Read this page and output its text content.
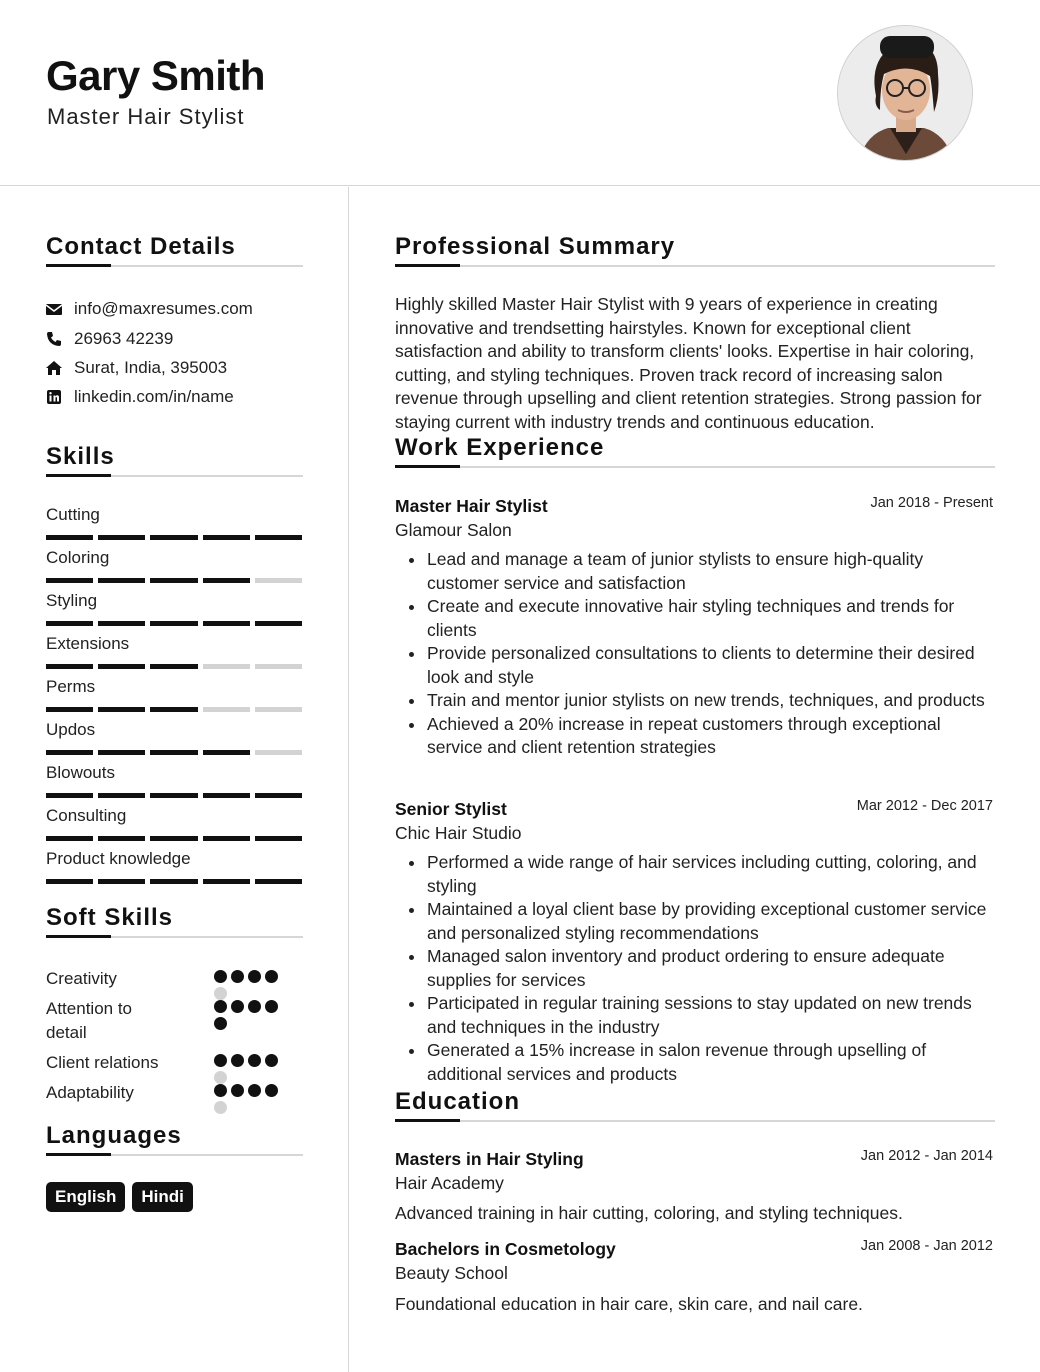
Gary Smith
Master Hair Stylist
Contact Details
info@maxresumes.com
26963 42239
Surat, India, 395003
linkedin.com/in/name
Skills
Cutting
Coloring
Styling
Extensions
Perms
Updos
Blowouts
Consulting
Product knowledge
Soft Skills
Creativity
Attention to detail
Client relations
Adaptability
Languages
English	Hindi
Professional Summary
Highly skilled Master Hair Stylist with 9 years of experience in creating innovative and trendsetting hairstyles. Known for exceptional client satisfaction and ability to transform clients' looks. Expertise in hair coloring, cutting, and styling techniques. Proven track record of increasing salon revenue through upselling and client retention strategies. Strong passion for staying current with industry trends and continuous education.
Work Experience
Master Hair Stylist	Jan 2018 - Present
Glamour Salon
Lead and manage a team of junior stylists to ensure high-quality customer service and satisfaction
Create and execute innovative hair styling techniques and trends for clients
Provide personalized consultations to clients to determine their desired look and style
Train and mentor junior stylists on new trends, techniques, and products
Achieved a 20% increase in repeat customers through exceptional service and client retention strategies
Senior Stylist	Mar 2012 - Dec 2017
Chic Hair Studio
Performed a wide range of hair services including cutting, coloring, and styling
Maintained a loyal client base by providing exceptional customer service and personalized styling recommendations
Managed salon inventory and product ordering to ensure adequate supplies for services
Participated in regular training sessions to stay updated on new trends and techniques in the industry
Generated a 15% increase in salon revenue through upselling of additional services and products
Education
Masters in Hair Styling	Jan 2012 - Jan 2014
Hair Academy
Advanced training in hair cutting, coloring, and styling techniques.
Bachelors in Cosmetology	Jan 2008 - Jan 2012
Beauty School
Foundational education in hair care, skin care, and nail care.
